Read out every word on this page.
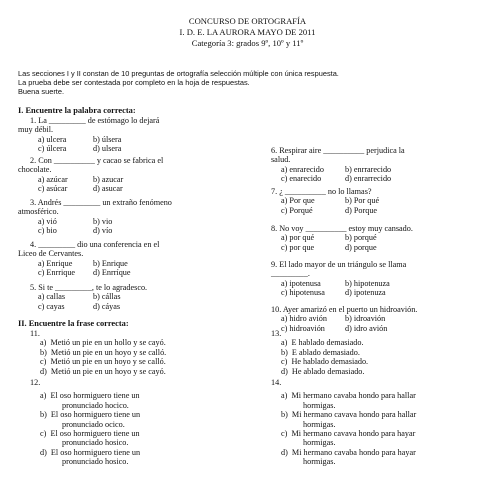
CONCURSO DE ORTOGRAFÍA
I. D. E. LA AURORA MAYO DE 2011
Categoría 3: grados 9º, 10º y 11º
Las secciones I y II constan de 10 preguntas de ortografía selección múltiple con única respuesta.
La prueba debe ser contestada por completo en la hoja de respuestas.
Buena suerte.
I. Encuentre la palabra correcta:
1. La _________ de estómago lo dejará
muy débil.
a) ulcera	b) úlsera
c) úlcera	d) ulsera
2. Con __________ y cacao se fabrica el
chocolate.
a) azúcar	b) azucar
c) asúcar	d) asucar
3. Andrés _________ un extraño fenómeno
atmosférico.
a) vió	b) vio
c) bio	d) vío
4. _________ dio una conferencia en el
Liceo de Cervantes.
a) Enrique	b) Enrique
c) Enrrique d) Enrríque
5. Si te _________, te lo agradesco.
a) callas	b) cállas
c) cayas	d) cáyas
6. Respirar aire __________ perjudica la
salud.
a) enrarecido	b) enrrarecido
c) enarecido	d) enrarrecido
7. ¿ __________ no lo llamas?
a) Por que	b) Por qué
c) Porqué	d) Porque
8. No voy __________ estoy muy cansado.
a) por qué	b) porqué
c) por que	d) porque
9. El lado mayor de un triángulo se llama
_________.
a) ipotenusa	b) hipotenuza
c) hipotenusa d) ipotenuza
10. Ayer amarizó en el puerto un hidroavión.
a) hidro avión b) idroavión
c) hidroavión d) idro avión
II. Encuentre la frase correcta:
11.
a)  Metió un pie en un hollo y se cayó.
b)  Metió un pie en un hoyo y se calló.
c)  Metió un pie en un hoyo y se calló.
d)  Metió un pie en un hoyo y se cayó.
12.
a)  El oso hormiguero tiene un
pronunciado hocico.
b)  El oso hormiguero tiene un
pronunciado ocico.
c)  El oso hormiguero tiene un
pronunciado hosico.
d)  El oso hormiguero tiene un
pronunciado hosico.
13.
a)  E hablado demasiado.
b)  E ablado demasiado.
c)  He hablado demasiado.
d)  He ablado demasiado.
14.
a)  Mi hermano cavaba hondo para hallar
hormigas.
b)  Mi hermano cavava hondo para hallar
hormigas.
c)  Mi hermano cavava hondo para hayar
hormigas.
d)  Mi hermano cavaba hondo para hayar
hormigas.
